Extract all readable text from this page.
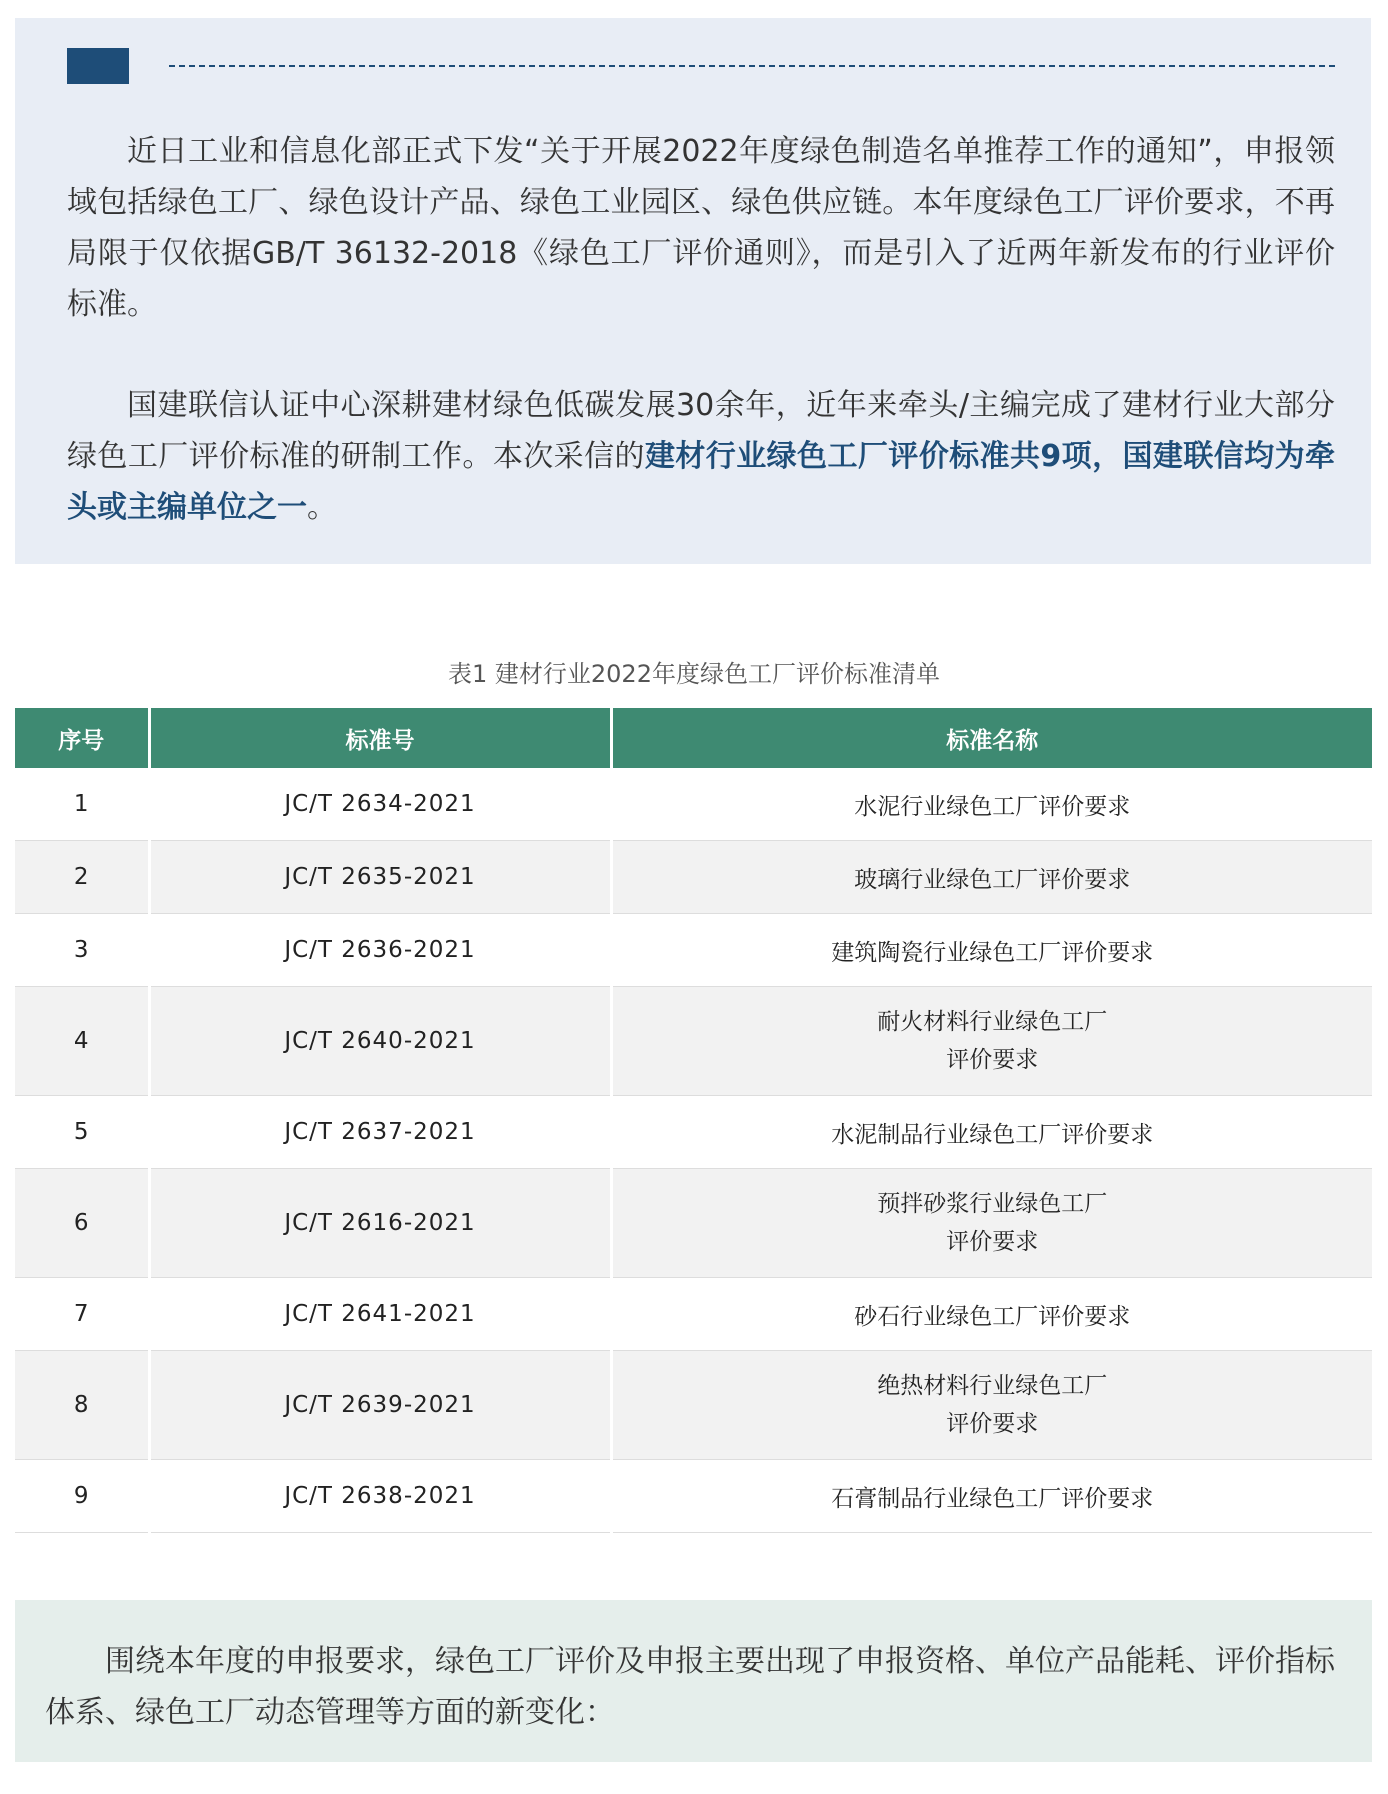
近日工业和信息化部正式下发“关于开展2022年度绿色制造名单推荐工作的通知”，申报领域包括绿色工厂、绿色设计产品、绿色工业园区、绿色供应链。本年度绿色工厂评价要求，不再局限于仅依据GB/T 36132-2018《绿色工厂评价通则》，而是引入了近两年新发布的行业评价标准。

国建联信认证中心深耕建材绿色低碳发展30余年，近年来牵头/主编完成了建材行业大部分绿色工厂评价标准的研制工作。本次采信的建材行业绿色工厂评价标准共9项，国建联信均为牵头或主编单位之一。

表1 建材行业2022年度绿色工厂评价标准清单
序号	标准号	标准名称
1	JC/T 2634-2021	水泥行业绿色工厂评价要求
2	JC/T 2635-2021	玻璃行业绿色工厂评价要求
3	JC/T 2636-2021	建筑陶瓷行业绿色工厂评价要求
4	JC/T 2640-2021	耐火材料行业绿色工厂
评价要求
5	JC/T 2637-2021	水泥制品行业绿色工厂评价要求
6	JC/T 2616-2021	预拌砂浆行业绿色工厂
评价要求
7	JC/T 2641-2021	砂石行业绿色工厂评价要求
8	JC/T 2639-2021	绝热材料行业绿色工厂
评价要求
9	JC/T 2638-2021	石膏制品行业绿色工厂评价要求

围绕本年度的申报要求，绿色工厂评价及申报主要出现了申报资格、单位产品能耗、评价指标体系、绿色工厂动态管理等方面的新变化：
